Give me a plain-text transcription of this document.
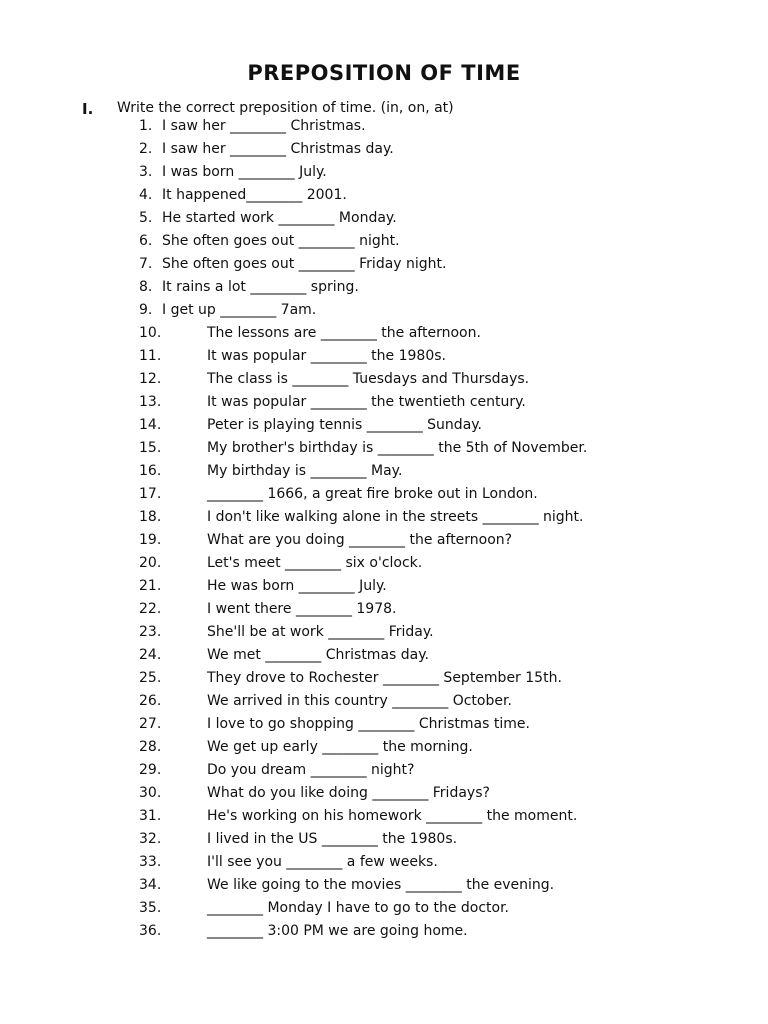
PREPOSITION OF TIME
I. Write the correct preposition of time. (in, on, at)
1. I saw her ________ Christmas.
2. I saw her ________ Christmas day.
3. I was born ________ July.
4. It happened________ 2001.
5. He started work ________ Monday.
6. She often goes out ________ night.
7. She often goes out ________ Friday night.
8. It rains a lot ________ spring.
9. I get up ________ 7am.
10.	The lessons are ________ the afternoon.
11.	It was popular ________ the 1980s.
12.	The class is ________ Tuesdays and Thursdays.
13.	It was popular ________ the twentieth century.
14.	Peter is playing tennis ________ Sunday.
15.	My brother's birthday is ________ the 5th of November.
16.	My birthday is ________ May.
17.	________ 1666, a great fire broke out in London.
18.	I don't like walking alone in the streets ________ night.
19.	What are you doing ________ the afternoon?
20.	Let's meet ________ six o'clock.
21.	He was born ________ July.
22.	I went there ________ 1978.
23.	She'll be at work ________ Friday.
24.	We met ________ Christmas day.
25.	They drove to Rochester ________ September 15th.
26.	We arrived in this country ________ October.
27.	I love to go shopping ________ Christmas time.
28.	We get up early ________ the morning.
29.	Do you dream ________ night?
30.	What do you like doing ________ Fridays?
31.	He's working on his homework ________ the moment.
32.	I lived in the US ________ the 1980s.
33.	I'll see you ________ a few weeks.
34.	We like going to the movies ________ the evening.
35.	________ Monday I have to go to the doctor.
36.	________ 3:00 PM we are going home.
